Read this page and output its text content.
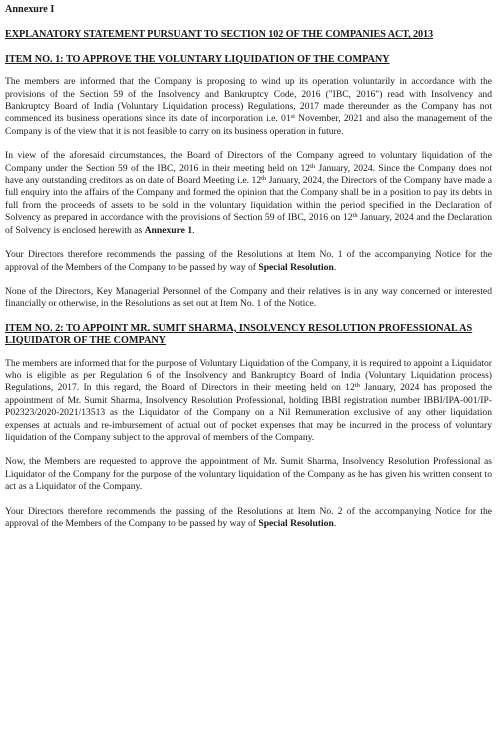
Annexure I
EXPLANATORY STATEMENT PURSUANT TO SECTION 102 OF THE COMPANIES ACT, 2013
ITEM NO. 1: TO APPROVE THE VOLUNTARY LIQUIDATION OF THE COMPANY

The members are informed that the Company is proposing to wind up its operation voluntarily in accordance with the provisions of the Section 59 of the Insolvency and Bankruptcy Code, 2016 ("IBC, 2016") read with Insolvency and Bankruptcy Board of India (Voluntary Liquidation process) Regulations, 2017 made thereunder as the Company has not commenced its business operations since its date of incorporation i.e. 01st November, 2021 and also the management of the Company is of the view that it is not feasible to carry on its business operation in future.

In view of the aforesaid circumstances, the Board of Directors of the Company agreed to voluntary liquidation of the Company under the Section 59 of the IBC, 2016 in their meeting held on 12th January, 2024. Since the Company does not have any outstanding creditors as on date of Board Meeting i.e. 12th January, 2024, the Directors of the Company have made a full enquiry into the affairs of the Company and formed the opinion that the Company shall be in a position to pay its debts in full from the proceeds of assets to be sold in the voluntary liquidation within the period specified in the Declaration of Solvency as prepared in accordance with the provisions of Section 59 of IBC, 2016 on 12th January, 2024 and the Declaration of Solvency is enclosed herewith as Annexure 1.

Your Directors therefore recommends the passing of the Resolutions at Item No. 1 of the accompanying Notice for the approval of the Members of the Company to be passed by way of Special Resolution.

None of the Directors, Key Managerial Personnel of the Company and their relatives is in any way concerned or interested financially or otherwise, in the Resolutions as set out at Item No. 1 of the Notice.

ITEM NO. 2: TO APPOINT MR. SUMIT SHARMA, INSOLVENCY RESOLUTION PROFESSIONAL AS LIQUIDATOR OF THE COMPANY

The members are informed that for the purpose of Voluntary Liquidation of the Company, it is required to appoint a Liquidator who is eligible as per Regulation 6 of the Insolvency and Bankruptcy Board of India (Voluntary Liquidation process) Regulations, 2017. In this regard, the Board of Directors in their meeting held on 12th January, 2024 has proposed the appointment of Mr. Sumit Sharma, Insolvency Resolution Professional, holding IBBI registration number IBBI/IPA-001/IP-P02323/2020-2021/13513 as the Liquidator of the Company on a Nil Remuneration exclusive of any other liquidation expenses at actuals and re-imbursement of actual out of pocket expenses that may be incurred in the process of voluntary liquidation of the Company subject to the approval of members of the Company.

Now, the Members are requested to approve the appointment of Mr. Sumit Sharma, Insolvency Resolution Professional as Liquidator of the Company for the purpose of the voluntary liquidation of the Company as he has given his written consent to act as a Liquidator of the Company.

Your Directors therefore recommends the passing of the Resolutions at Item No. 2 of the accompanying Notice for the approval of the Members of the Company to be passed by way of Special Resolution.
